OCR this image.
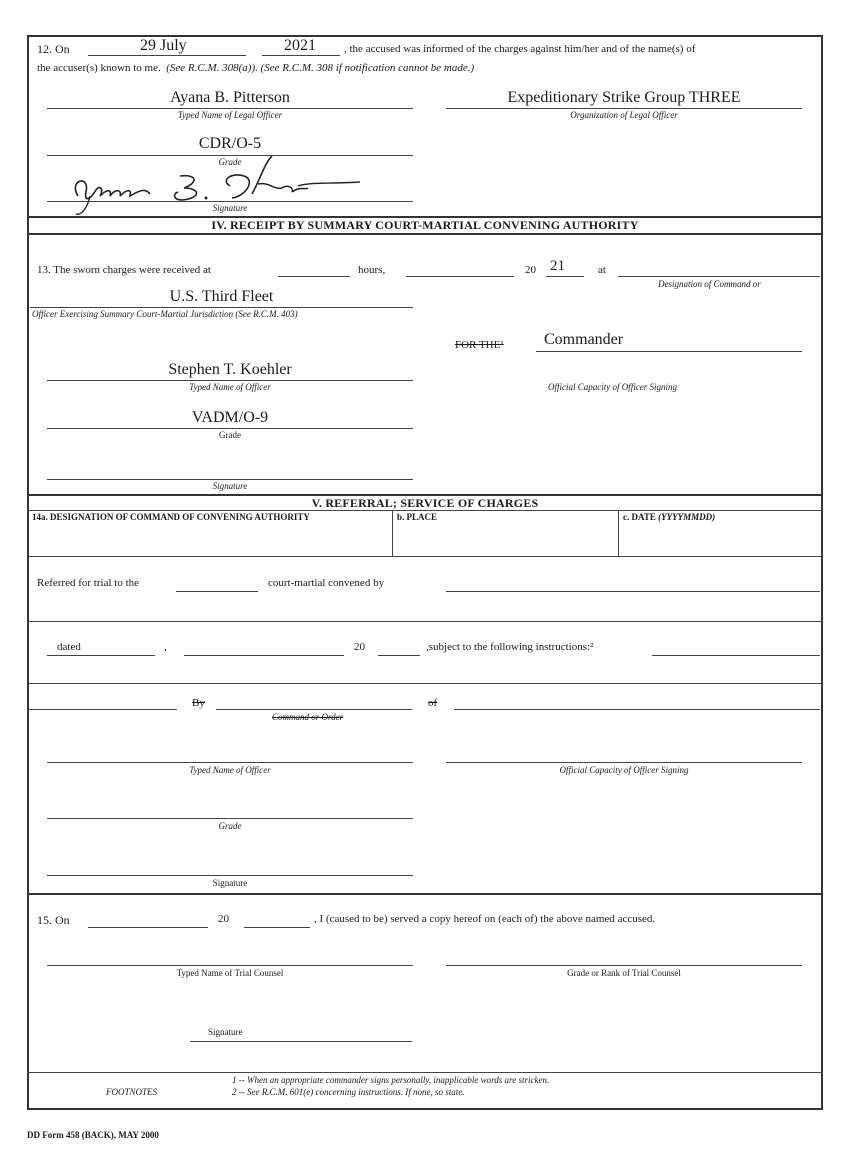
12. On	29 July	2021	, the accused was informed of the charges against him/her and of the name(s) of
the accuser(s) known to me. (See R.C.M. 308(a)). (See R.C.M. 308 if notification cannot be made.)
Ayana B. Pitterson
Typed Name of Legal Officer
Expeditionary Strike Group THREE
Organization of Legal Officer
CDR/O-5
Grade
Signature
IV. RECEIPT BY SUMMARY COURT-MARTIAL CONVENING AUTHORITY
13. The sworn charges were received at	hours,	20 21	at
Designation of Command or
U.S. Third Fleet
Officer Exercising Summary Court-Martial Jurisdiction (See R.C.M. 403)
FOR THE¹	Commander
Stephen T. Koehler
Typed Name of Officer	Official Capacity of Officer Signing
VADM/O-9
Grade
Signature
V. REFERRAL; SERVICE OF CHARGES
14a. DESIGNATION OF COMMAND OF CONVENING AUTHORITY	b. PLACE	c. DATE (YYYYMMDD)
Referred for trial to the	court-martial convened by
dated	,	20	,subject to the following instructions:²
By
Command or Order
of
Typed Name of Officer	Official Capacity of Officer Signing
Grade
Signature
15. On	20	, I (caused to be) served a copy hereof on (each of) the above named accused.
Typed Name of Trial Counsel	Grade or Rank of Trial Counsel
Signature
FOOTNOTES
1 -- When an appropriate commander signs personally, inapplicable words are stricken.
2 -- See R.C.M. 601(e) concerning instructions. If none, so state.
DD Form 458 (BACK), MAY 2000
